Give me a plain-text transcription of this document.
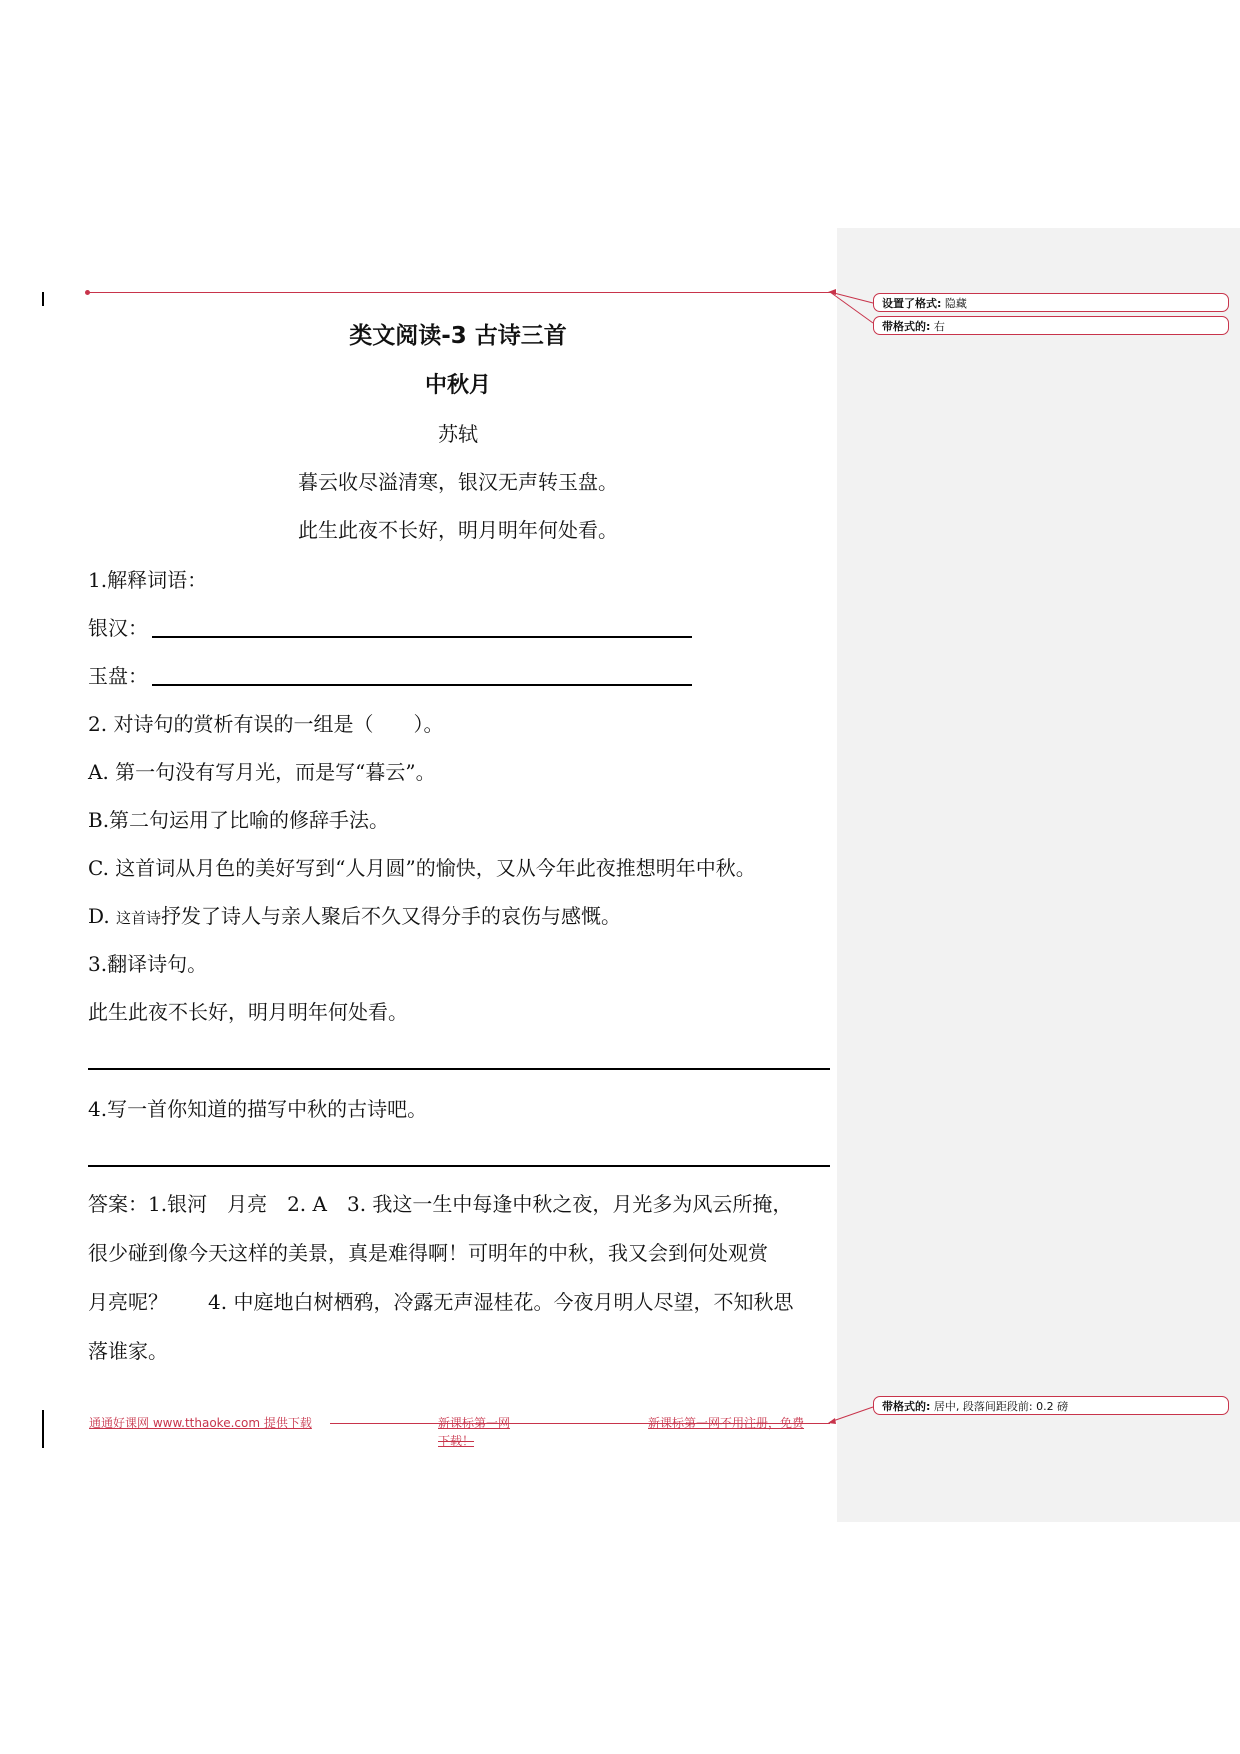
设置了格式: 隐藏
带格式的: 右
类文阅读-3 古诗三首
中秋月
苏轼
暮云收尽溢清寒，银汉无声转玉盘。
此生此夜不长好，明月明年何处看。
1.解释词语：
银汉：
玉盘：
2. 对诗句的赏析有误的一组是（　　）。
A. 第一句没有写月光，而是写“暮云”。
B.第二句运用了比喻的修辞手法。
C. 这首词从月色的美好写到“人月圆”的愉快，又从今年此夜推想明年中秋。
D. 这首诗抒发了诗人与亲人聚后不久又得分手的哀伤与感慨。
3.翻译诗句。
此生此夜不长好，明月明年何处看。
4.写一首你知道的描写中秋的古诗吧。
答案：1.银河　月亮　2. A　3. 我这一生中每逢中秋之夜，月光多为风云所掩，
很少碰到像今天这样的美景，真是难得啊！可明年的中秋，我又会到何处观赏
月亮呢？　　4. 中庭地白树栖鸦，冷露无声湿桂花。今夜月明人尽望，不知秋思
落谁家。
通通好课网 www.tthaoke.com 提供下载	新课标第一网
下载！
新课标第一网不用注册，免费
带格式的: 居中, 段落间距段前: 0.2 磅
